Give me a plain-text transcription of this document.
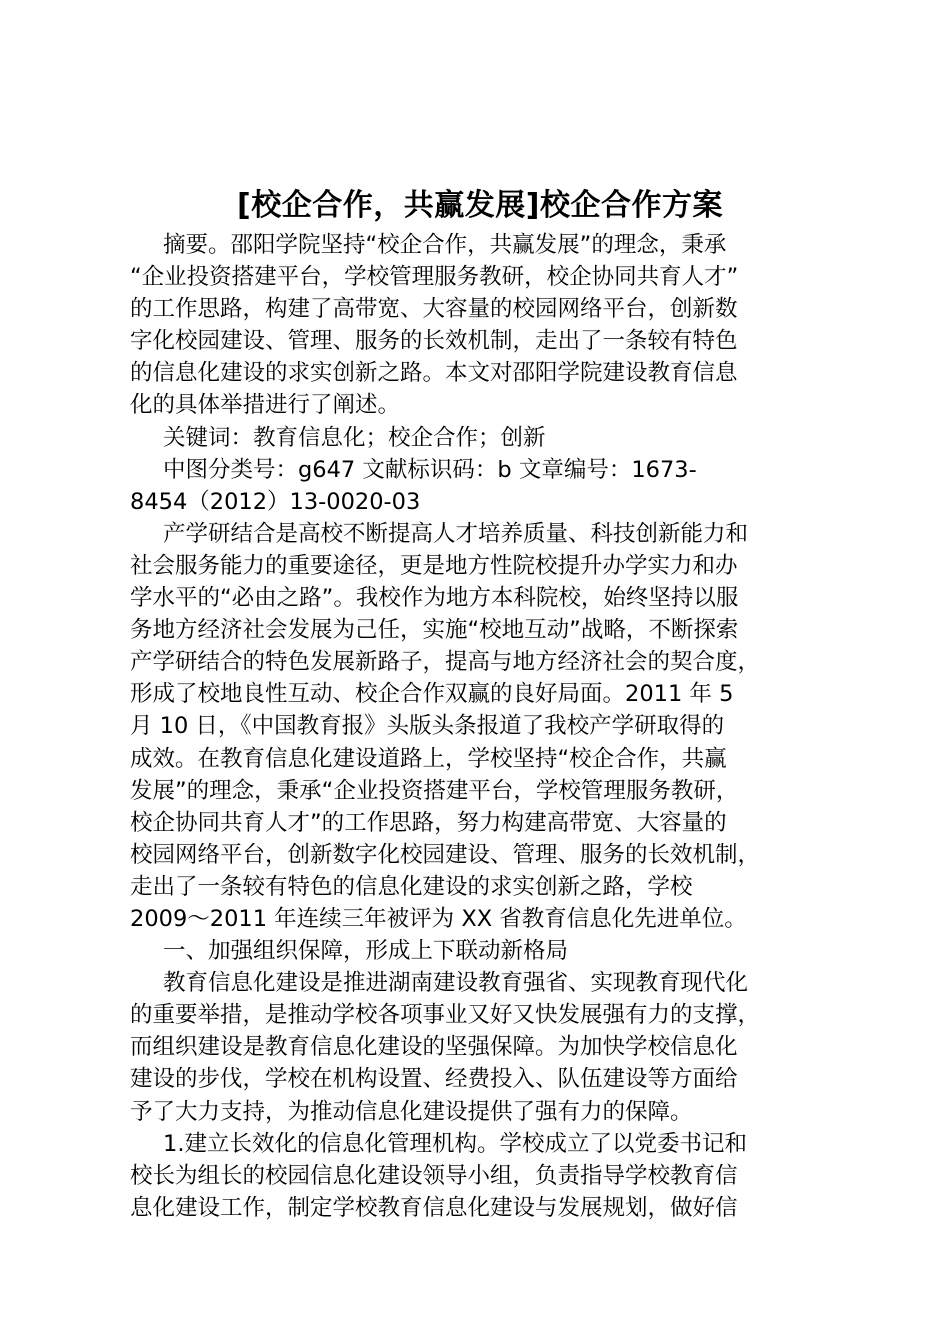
[校企合作，共赢发展]校企合作方案

摘要。邵阳学院坚持“校企合作，共赢发展”的理念，秉承
“企业投资搭建平台，学校管理服务教研，校企协同共育人才”
的工作思路，构建了高带宽、大容量的校园网络平台，创新数
字化校园建设、管理、服务的长效机制，走出了一条较有特色
的信息化建设的求实创新之路。本文对邵阳学院建设教育信息
化的具体举措进行了阐述。

关键词：教育信息化；校企合作；创新

中图分类号：g647 文献标识码：b 文章编号：1673-
8454（2012）13-0020-03

产学研结合是高校不断提高人才培养质量、科技创新能力和
社会服务能力的重要途径，更是地方性院校提升办学实力和办
学水平的“必由之路”。我校作为地方本科院校，始终坚持以服
务地方经济社会发展为己任，实施“校地互动”战略，不断探索
产学研结合的特色发展新路子，提高与地方经济社会的契合度，
形成了校地良性互动、校企合作双赢的良好局面。2011 年 5
月 10 日，《中国教育报》头版头条报道了我校产学研取得的
成效。在教育信息化建设道路上，学校坚持“校企合作，共赢
发展”的理念，秉承“企业投资搭建平台，学校管理服务教研，
校企协同共育人才”的工作思路，努力构建高带宽、大容量的
校园网络平台，创新数字化校园建设、管理、服务的长效机制，
走出了一条较有特色的信息化建设的求实创新之路，学校
2009～2011 年连续三年被评为 XX 省教育信息化先进单位。

一、加强组织保障，形成上下联动新格局

教育信息化建设是推进湖南建设教育强省、实现教育现代化
的重要举措，是推动学校各项事业又好又快发展强有力的支撑，
而组织建设是教育信息化建设的坚强保障。为加快学校信息化
建设的步伐，学校在机构设置、经费投入、队伍建设等方面给
予了大力支持，为推动信息化建设提供了强有力的保障。

1.建立长效化的信息化管理机构。学校成立了以党委书记和
校长为组长的校园信息化建设领导小组，负责指导学校教育信
息化建设工作，制定学校教育信息化建设与发展规划，做好信
